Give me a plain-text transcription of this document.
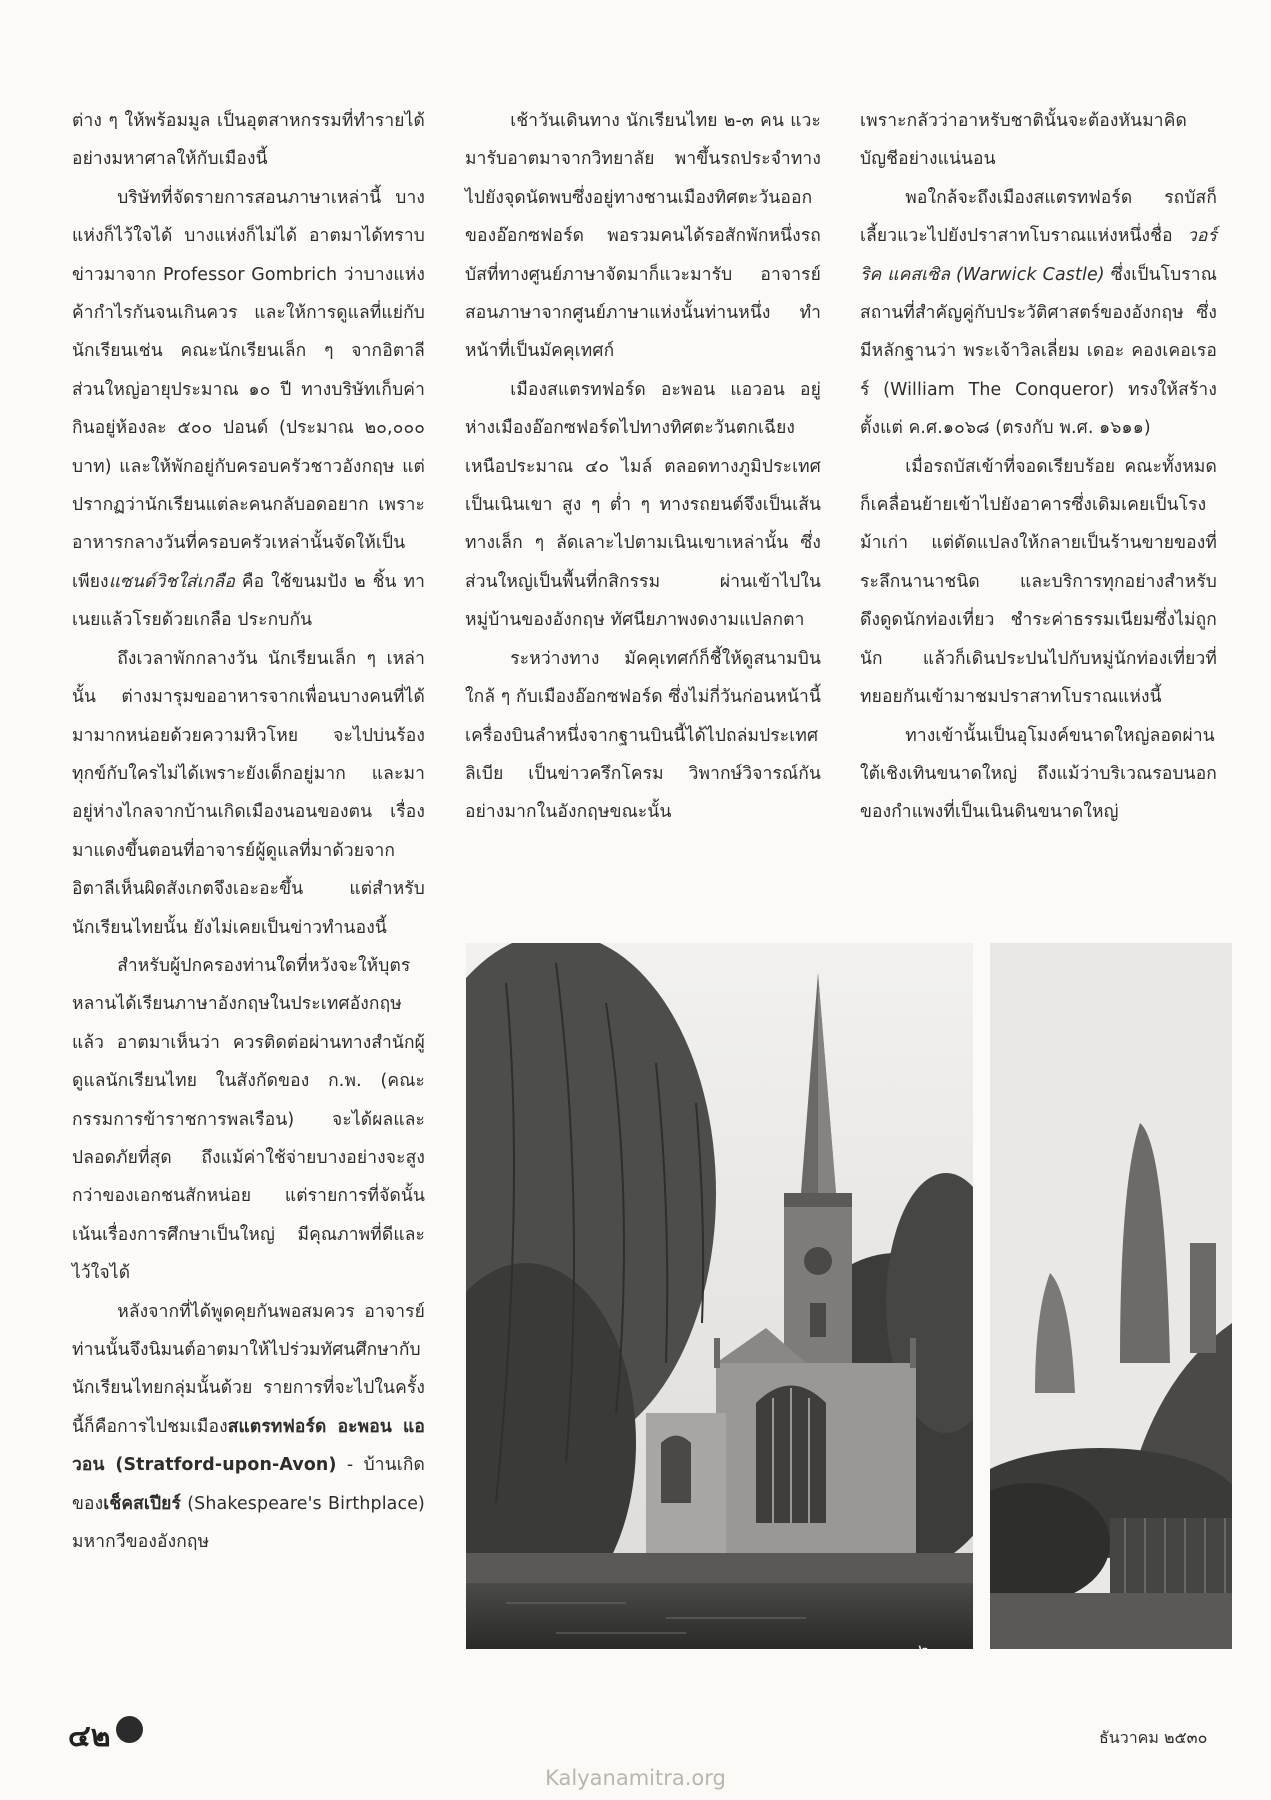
ต่าง ๆ ให้พร้อมมูล เป็นอุตสาหกรรมที่ทำรายได้อย่างมหาศาลให้กับเมืองนี้

บริษัทที่จัดรายการสอนภาษาเหล่านี้ บางแห่งก็ไว้ใจได้ บางแห่งก็ไม่ได้ อาตมาได้ทราบข่าวมาจาก Professor Gombrich ว่าบางแห่งค้ากำไรกันจนเกินควร และให้การดูแลที่แย่กับนักเรียนเช่น คณะนักเรียนเล็ก ๆ จากอิตาลี ส่วนใหญ่อายุประมาณ ๑๐ ปี ทางบริษัทเก็บค่ากินอยู่ห้องละ ๕๐๐ ปอนด์ (ประมาณ ๒๐,๐๐๐ บาท) และให้พักอยู่กับครอบครัวชาวอังกฤษ แต่ปรากฏว่านักเรียนแต่ละคนกลับอดอยาก เพราะอาหารกลางวันที่ครอบครัวเหล่านั้นจัดให้เป็นเพียงแซนด์วิชใส่เกลือ คือ ใช้ขนมปัง ๒ ชิ้น ทาเนยแล้วโรยด้วยเกลือ ประกบกัน

ถึงเวลาพักกลางวัน นักเรียนเล็ก ๆ เหล่านั้น ต่างมารุมขออาหารจากเพื่อนบางคนที่ได้มามากหน่อยด้วยความหิวโหย จะไปบ่นร้องทุกข์กับใครไม่ได้เพราะยังเด็กอยู่มาก และมาอยู่ห่างไกลจากบ้านเกิดเมืองนอนของตน เรื่องมาแดงขึ้นตอนที่อาจารย์ผู้ดูแลที่มาด้วยจากอิตาลีเห็นผิดสังเกตจึงเอะอะขึ้น แต่สำหรับนักเรียนไทยนั้น ยังไม่เคยเป็นข่าวทำนองนี้

สำหรับผู้ปกครองท่านใดที่หวังจะให้บุตรหลานได้เรียนภาษาอังกฤษในประเทศอังกฤษแล้ว อาตมาเห็นว่า ควรติดต่อผ่านทางสำนักผู้ดูแลนักเรียนไทย ในสังกัดของ ก.พ. (คณะกรรมการข้าราชการพลเรือน) จะได้ผลและปลอดภัยที่สุด ถึงแม้ค่าใช้จ่ายบางอย่างจะสูงกว่าของเอกชนสักหน่อย แต่รายการที่จัดนั้นเน้นเรื่องการศึกษาเป็นใหญ่ มีคุณภาพที่ดีและไว้ใจได้

หลังจากที่ได้พูดคุยกันพอสมควร อาจารย์ท่านนั้นจึงนิมนต์อาตมาให้ไปร่วมทัศนศึกษากับนักเรียนไทยกลุ่มนั้นด้วย รายการที่จะไปในครั้งนี้ก็คือการไปชมเมืองสแตรทฟอร์ด อะพอน แอวอน (Stratford-upon-Avon) - บ้านเกิดของเช็คสเปียร์ (Shakespeare's Birthplace) มหากวีของอังกฤษ

เช้าวันเดินทาง นักเรียนไทย ๒-๓ คน แวะมารับอาตมาจากวิทยาลัย พาขึ้นรถประจำทางไปยังจุดนัดพบซึ่งอยู่ทางชานเมืองทิศตะวันออกของอ๊อกซฟอร์ด พอรวมคนได้รอสักพักหนึ่งรถบัสที่ทางศูนย์ภาษาจัดมาก็แวะมารับ อาจารย์สอนภาษาจากศูนย์ภาษาแห่งนั้นท่านหนึ่ง ทำหน้าที่เป็นมัคคุเทศก์

เมืองสแตรทฟอร์ด อะพอน แอวอน อยู่ห่างเมืองอ๊อกซฟอร์ดไปทางทิศตะวันตกเฉียงเหนือประมาณ ๔๐ ไมล์ ตลอดทางภูมิประเทศเป็นเนินเขา สูง ๆ ต่ำ ๆ ทางรถยนต์จึงเป็นเส้นทางเล็ก ๆ ลัดเลาะไปตามเนินเขาเหล่านั้น ซึ่งส่วนใหญ่เป็นพื้นที่กสิกรรม ผ่านเข้าไปในหมู่บ้านของอังกฤษ ทัศนียภาพงดงามแปลกตา

ระหว่างทาง มัคคุเทศก์ก็ชี้ให้ดูสนามบินใกล้ ๆ กับเมืองอ๊อกซฟอร์ด ซึ่งไม่กี่วันก่อนหน้านี้ เครื่องบินลำหนึ่งจากฐานบินนี้ได้ไปถล่มประเทศลิเบีย เป็นข่าวครึกโครม วิพากษ์วิจารณ์กันอย่างมากในอังกฤษขณะนั้น

เพราะกลัวว่าอาหรับชาตินั้นจะต้องหันมาคิดบัญชีอย่างแน่นอน

พอใกล้จะถึงเมืองสแตรทฟอร์ด รถบัสก็เลี้ยวแวะไปยังปราสาทโบราณแห่งหนึ่งชื่อ วอร์ริค แคสเซิล (Warwick Castle) ซึ่งเป็นโบราณสถานที่สำคัญคู่กับประวัติศาสตร์ของอังกฤษ ซึ่งมีหลักฐานว่า พระเจ้าวิลเลี่ยม เดอะ คองเคอเรอร์ (William The Conqueror) ทรงให้สร้างตั้งแต่ ค.ศ.๑๐๖๘ (ตรงกับ พ.ศ. ๑๖๑๑)

เมื่อรถบัสเข้าที่จอดเรียบร้อย คณะทั้งหมดก็เคลื่อนย้ายเข้าไปยังอาคารซึ่งเดิมเคยเป็นโรงม้าเก่า แต่ดัดแปลงให้กลายเป็นร้านขายของที่ระลึกนานาชนิด และบริการทุกอย่างสำหรับดึงดูดนักท่องเที่ยว ชำระค่าธรรมเนียมซึ่งไม่ถูกนัก แล้วก็เดินประปนไปกับหมู่นักท่องเที่ยวที่ทยอยกันเข้ามาชมปราสาทโบราณแห่งนี้

ทางเข้านั้นเป็นอุโมงค์ขนาดใหญ่ลอดผ่านใต้เชิงเทินขนาดใหญ่ ถึงแม้ว่าบริเวณรอบนอกของกำแพงที่เป็นเนินดินขนาดใหญ่

๒
๔๒	ธันวาคม ๒๕๓๐
Kalyanamitra.org
